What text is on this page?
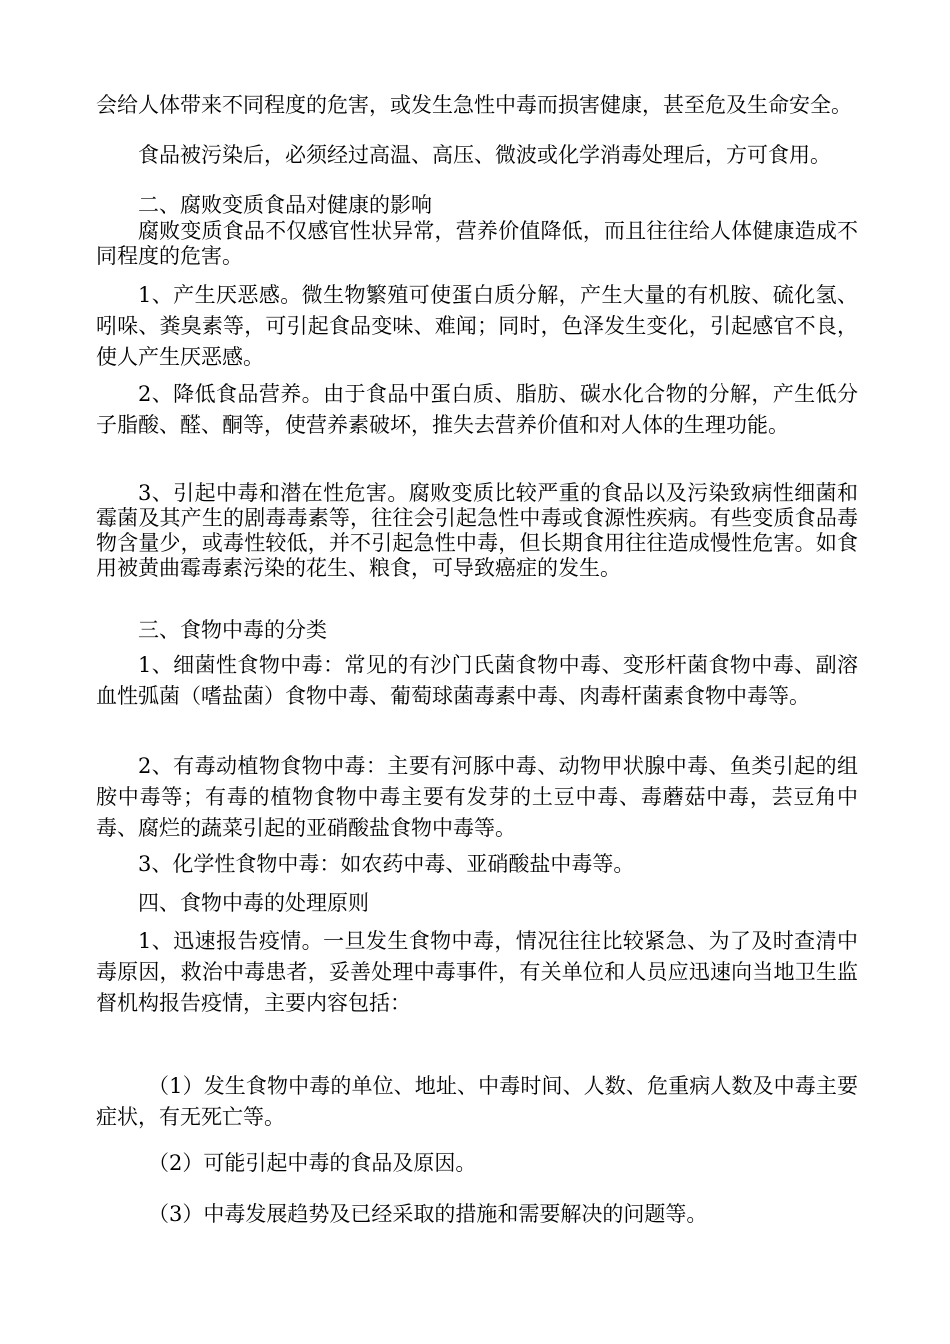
会给人体带来不同程度的危害，或发生急性中毒而损害健康，甚至危及生命安全。

食品被污染后，必须经过高温、高压、微波或化学消毒处理后，方可食用。

二、腐败变质食品对健康的影响

腐败变质食品不仅感官性状异常，营养价值降低，而且往往给人体健康造成不同程度的危害。

1、产生厌恶感。微生物繁殖可使蛋白质分解，产生大量的有机胺、硫化氢、吲哚、粪臭素等，可引起食品变味、难闻；同时，色泽发生变化，引起感官不良，使人产生厌恶感。

2、降低食品营养。由于食品中蛋白质、脂肪、碳水化合物的分解，产生低分子脂酸、醛、酮等，使营养素破坏，推失去营养价值和对人体的生理功能。

3、引起中毒和潜在性危害。腐败变质比较严重的食品以及污染致病性细菌和霉菌及其产生的剧毒毒素等，往往会引起急性中毒或食源性疾病。有些变质食品毒物含量少，或毒性较低，并不引起急性中毒，但长期食用往往造成慢性危害。如食用被黄曲霉毒素污染的花生、粮食，可导致癌症的发生。

三、食物中毒的分类

1、细菌性食物中毒：常见的有沙门氏菌食物中毒、变形杆菌食物中毒、副溶血性弧菌（嗜盐菌）食物中毒、葡萄球菌毒素中毒、肉毒杆菌素食物中毒等。

2、有毒动植物食物中毒：主要有河豚中毒、动物甲状腺中毒、鱼类引起的组胺中毒等；有毒的植物食物中毒主要有发芽的土豆中毒、毒蘑菇中毒，芸豆角中毒、腐烂的蔬菜引起的亚硝酸盐食物中毒等。

3、化学性食物中毒：如农药中毒、亚硝酸盐中毒等。

四、食物中毒的处理原则

1、迅速报告疫情。一旦发生食物中毒，情况往往比较紧急、为了及时查清中毒原因，救治中毒患者，妥善处理中毒事件，有关单位和人员应迅速向当地卫生监督机构报告疫情，主要内容包括：

（1）发生食物中毒的单位、地址、中毒时间、人数、危重病人数及中毒主要症状，有无死亡等。

（2）可能引起中毒的食品及原因。

（3）中毒发展趋势及已经采取的措施和需要解决的问题等。
